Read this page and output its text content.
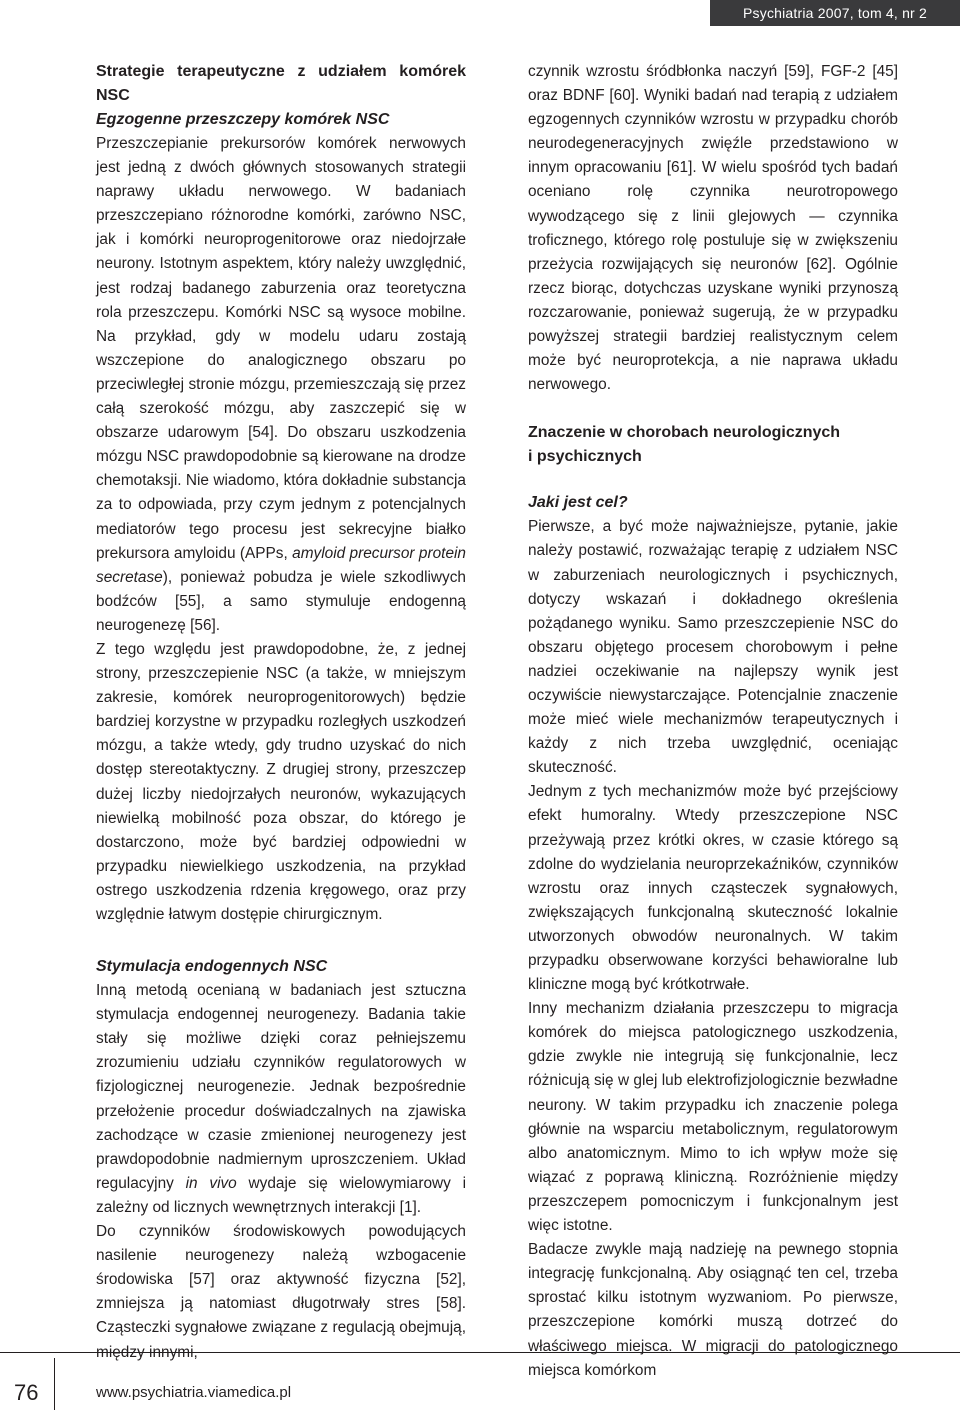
Psychiatria 2007, tom 4, nr 2

Strategie terapeutyczne z udziałem komórek NSC

Egzogenne przeszczepy komórek NSC

Przeszczepianie prekursorów komórek nerwowych jest jedną z dwóch głównych stosowanych strategii naprawy układu nerwowego. W badaniach przeszczepiano różnorodne komórki, zarówno NSC, jak i komórki neuroprogenitorowe oraz niedojrzałe neurony. Istotnym aspektem, który należy uwzględnić, jest rodzaj badanego zaburzenia oraz teoretyczna rola przeszczepu. Komórki NSC są wysoce mobilne. Na przykład, gdy w modelu udaru zostają wszczepione do analogicznego obszaru po przeciwległej stronie mózgu, przemieszczają się przez całą szerokość mózgu, aby zaszczepić się w obszarze udarowym [54]. Do obszaru uszkodzenia mózgu NSC prawdopodobnie są kierowane na drodze chemotaksji. Nie wiadomo, która dokładnie substancja za to odpowiada, przy czym jednym z potencjalnych mediatorów tego procesu jest sekrecyjne białko prekursora amyloidu (APPs, amyloid precursor protein secretase), ponieważ pobudza je wiele szkodliwych bodźców [55], a samo stymuluje endogenną neurogenezę [56].

Z tego względu jest prawdopodobne, że, z jednej strony, przeszczepienie NSC (a także, w mniejszym zakresie, komórek neuroprogenitorowych) będzie bardziej korzystne w przypadku rozległych uszkodzeń mózgu, a także wtedy, gdy trudno uzyskać do nich dostęp stereotaktyczny. Z drugiej strony, przeszczep dużej liczby niedojrzałych neuronów, wykazujących niewielką mobilność poza obszar, do którego je dostarczono, może być bardziej odpowiedni w przypadku niewielkiego uszkodzenia, na przykład ostrego uszkodzenia rdzenia kręgowego, oraz przy względnie łatwym dostępie chirurgicznym.

Stymulacja endogennych NSC

Inną metodą ocenianą w badaniach jest sztuczna stymulacja endogennej neurogenezy. Badania takie stały się możliwe dzięki coraz pełniejszemu zrozumieniu udziału czynników regulatorowych w fizjologicznej neurogenezie. Jednak bezpośrednie przełożenie procedur doświadczalnych na zjawiska zachodzące w czasie zmienionej neurogenezy jest prawdopodobnie nadmiernym uproszczeniem. Układ regulacyjny in vivo wydaje się wielowymiarowy i zależny od licznych wewnętrznych interakcji [1].

Do czynników środowiskowych powodujących nasilenie neurogenezy należą wzbogacenie środowiska [57] oraz aktywność fizyczna [52], zmniejsza ją natomiast długotrwały stres [58]. Cząsteczki sygnałowe związane z regulacją obejmują, między innymi,

czynnik wzrostu śródbłonka naczyń [59], FGF-2 [45] oraz BDNF [60]. Wyniki badań nad terapią z udziałem egzogennych czynników wzrostu w przypadku chorób neurodegeneracyjnych zwięźle przedstawiono w innym opracowaniu [61]. W wielu spośród tych badań oceniano rolę czynnika neurotropowego wywodzącego się z linii glejowych — czynnika troficznego, którego rolę postuluje się w zwiększeniu przeżycia rozwijających się neuronów [62]. Ogólnie rzecz biorąc, dotychczas uzyskane wyniki przynoszą rozczarowanie, ponieważ sugerują, że w przypadku powyższej strategii bardziej realistycznym celem może być neuroprotekcja, a nie naprawa układu nerwowego.

Znaczenie w chorobach neurologicznych

i psychicznych

Jaki jest cel?

Pierwsze, a być może najważniejsze, pytanie, jakie należy postawić, rozważając terapię z udziałem NSC w zaburzeniach neurologicznych i psychicznych, dotyczy wskazań i dokładnego określenia pożądanego wyniku. Samo przeszczepienie NSC do obszaru objętego procesem chorobowym i pełne nadziei oczekiwanie na najlepszy wynik jest oczywiście niewystarczające. Potencjalnie znaczenie może mieć wiele mechanizmów terapeutycznych i każdy z nich trzeba uwzględnić, oceniając skuteczność.

Jednym z tych mechanizmów może być przejściowy efekt humoralny. Wtedy przeszczepione NSC przeżywają przez krótki okres, w czasie którego są zdolne do wydzielania neuroprzekaźników, czynników wzrostu oraz innych cząsteczek sygnałowych, zwiększających funkcjonalną skuteczność lokalnie utworzonych obwodów neuronalnych. W takim przypadku obserwowane korzyści behawioralne lub kliniczne mogą być krótkotrwałe.

Inny mechanizm działania przeszczepu to migracja komórek do miejsca patologicznego uszkodzenia, gdzie zwykle nie integrują się funkcjonalnie, lecz różnicują się w glej lub elektrofizjologicznie bezwładne neurony. W takim przypadku ich znaczenie polega głównie na wsparciu metabolicznym, regulatorowym albo anatomicznym. Mimo to ich wpływ może się wiązać z poprawą kliniczną. Rozróżnienie między przeszczepem pomocniczym i funkcjonalnym jest więc istotne.

Badacze zwykle mają nadzieję na pewnego stopnia integrację funkcjonalną. Aby osiągnąć ten cel, trzeba sprostać kilku istotnym wyzwaniom. Po pierwsze, przeszczepione komórki muszą dotrzeć do właściwego miejsca. W migracji do patologicznego miejsca komórkom

76	www.psychiatria.viamedica.pl
